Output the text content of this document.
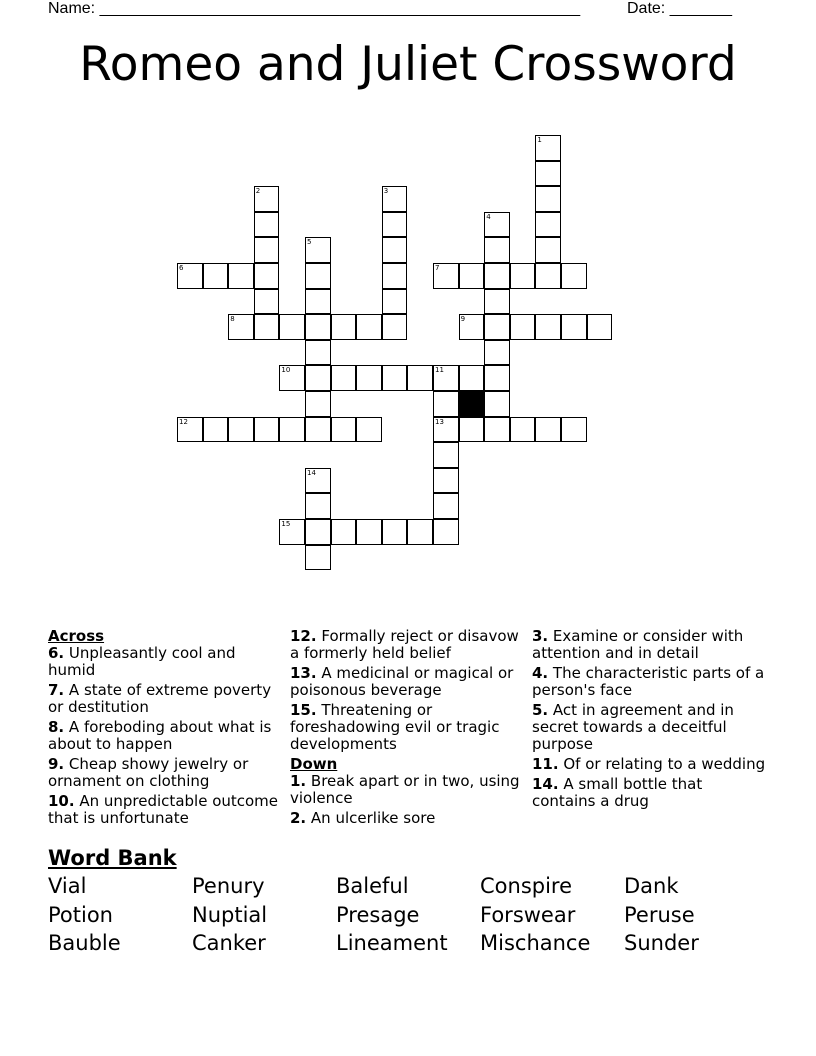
Name: ______________________________________________________	Date: _______
Romeo and Juliet Crossword
1
2	3
4
5
6	7
8	9
10	11
13
12
14
15
Across
6. Unpleasantly cool and humid
7. A state of extreme poverty or destitution
8. A foreboding about what is about to happen
9. Cheap showy jewelry or ornament on clothing
10. An unpredictable outcome that is unfortunate
12. Formally reject or disavow a formerly held belief
13. A medicinal or magical or poisonous beverage
15. Threatening or foreshadowing evil or tragic developments
Down
1. Break apart or in two, using violence
2. An ulcerlike sore
3. Examine or consider with attention and in detail
4. The characteristic parts of a person's face
5. Act in agreement and in secret towards a deceitful purpose
11. Of or relating to a wedding
14. A small bottle that contains a drug
Word Bank
Vial	Penury	Baleful	Conspire Dank
Potion	Nuptial	Presage	Forswear Peruse
Bauble	Canker	Lineament Mischance Sunder
